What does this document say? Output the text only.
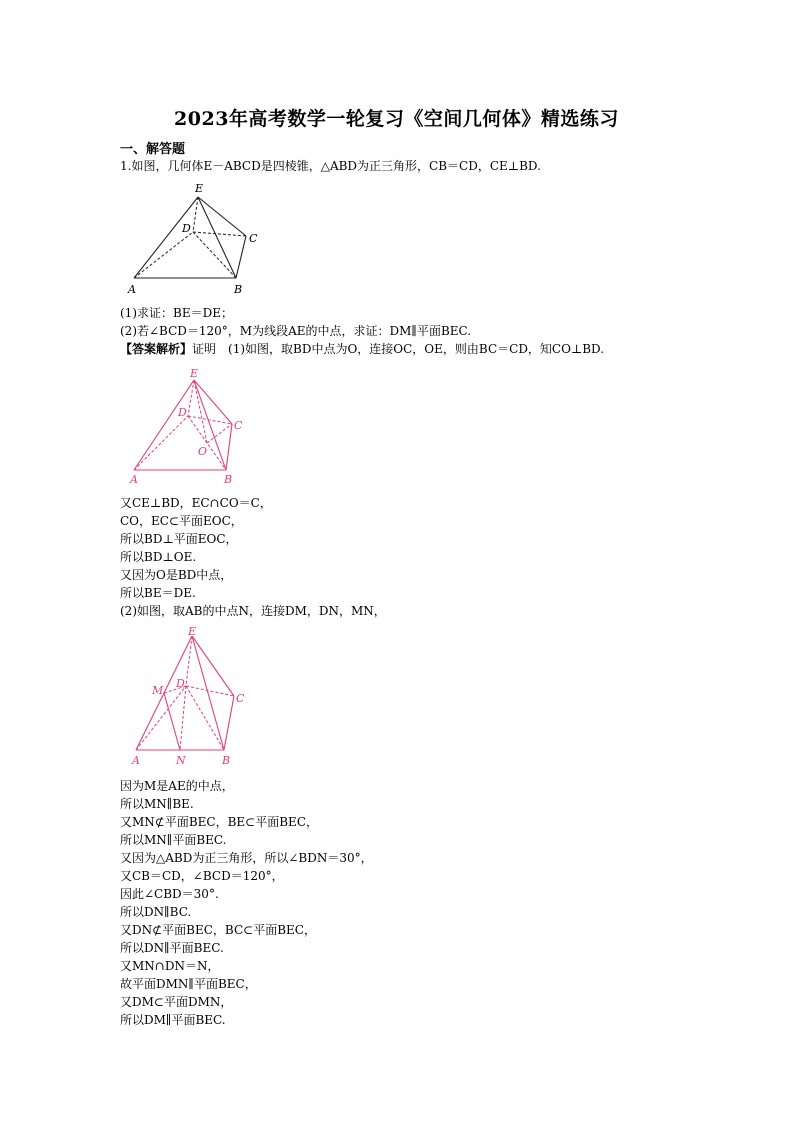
2023年高考数学一轮复习《空间几何体》精选练习
一、解答题
1.如图，几何体E－ABCD是四棱锥，△ABD为正三角形，CB＝CD，CE⊥BD.
E
D
C
A	B
(1)求证：BE＝DE；
(2)若∠BCD＝120°，M为线段AE的中点，求证：DM∥平面BEC.
【答案解析】证明　(1)如图，取BD中点为O，连接OC，OE，则由BC＝CD，知CO⊥BD.
E
D
C
O
A	B
又CE⊥BD，EC∩CO＝C，
CO，EC⊂平面EOC，
所以BD⊥平面EOC，
所以BD⊥OE.
又因为O是BD中点，
所以BE＝DE.
(2)如图，取AB的中点N，连接DM，DN，MN，
E
M
D
C
A	N	B
因为M是AE的中点，
所以MN∥BE.
又MN⊄平面BEC，BE⊂平面BEC，
所以MN∥平面BEC.
又因为△ABD为正三角形，所以∠BDN＝30°，
又CB＝CD，∠BCD＝120°，
因此∠CBD＝30°.
所以DN∥BC.
又DN⊄平面BEC，BC⊂平面BEC，
所以DN∥平面BEC.
又MN∩DN＝N，
故平面DMN∥平面BEC，
又DM⊂平面DMN，
所以DM∥平面BEC.
